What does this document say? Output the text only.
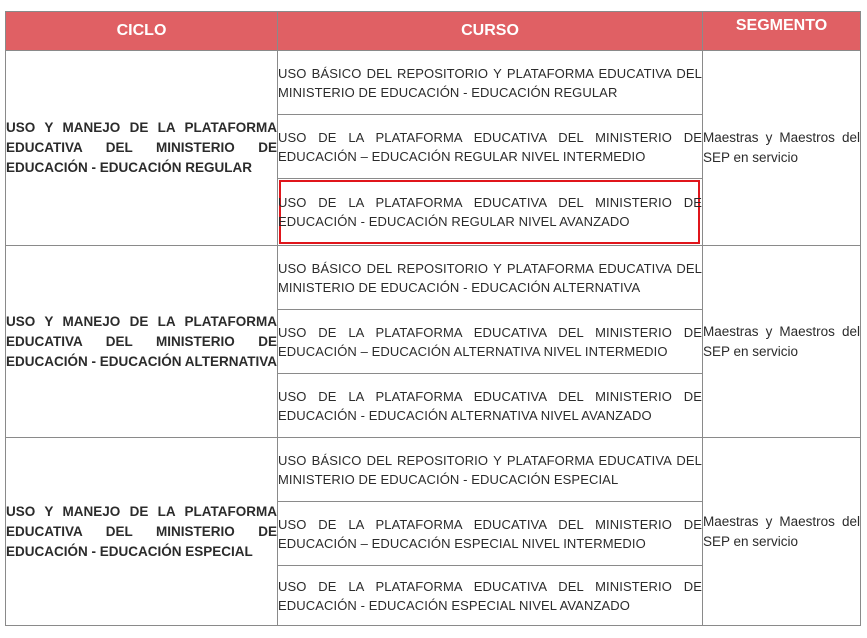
CICLO	CURSO	SEGMENTO
USO Y MANEJO DE LA PLATAFORMA EDUCATIVA DEL MINISTERIO DE EDUCACIÓN - EDUCACIÓN REGULAR	USO BÁSICO DEL REPOSITORIO Y PLATAFORMA EDUCATIVA DEL MINISTERIO DE EDUCACIÓN - EDUCACIÓN REGULAR	Maestras y Maestros del SEP en servicio
	USO DE LA PLATAFORMA EDUCATIVA DEL MINISTERIO DE EDUCACIÓN – EDUCACIÓN REGULAR NIVEL INTERMEDIO	

	USO DE LA PLATAFORMA EDUCATIVA DEL MINISTERIO DE EDUCACIÓN - EDUCACIÓN REGULAR NIVEL AVANZADO	

USO Y MANEJO DE LA PLATAFORMA EDUCATIVA DEL MINISTERIO DE EDUCACIÓN - EDUCACIÓN ALTERNATIVA	USO BÁSICO DEL REPOSITORIO Y PLATAFORMA EDUCATIVA DEL MINISTERIO DE EDUCACIÓN - EDUCACIÓN ALTERNATIVA	Maestras y Maestros del SEP en servicio
	USO DE LA PLATAFORMA EDUCATIVA DEL MINISTERIO DE EDUCACIÓN – EDUCACIÓN ALTERNATIVA NIVEL INTERMEDIO	
	USO DE LA PLATAFORMA EDUCATIVA DEL MINISTERIO DE EDUCACIÓN - EDUCACIÓN ALTERNATIVA NIVEL AVANZADO	
USO Y MANEJO DE LA PLATAFORMA EDUCATIVA DEL MINISTERIO DE EDUCACIÓN - EDUCACIÓN ESPECIAL	USO BÁSICO DEL REPOSITORIO Y PLATAFORMA EDUCATIVA DEL MINISTERIO DE EDUCACIÓN - EDUCACIÓN ESPECIAL	Maestras y Maestros del SEP en servicio
	USO DE LA PLATAFORMA EDUCATIVA DEL MINISTERIO DE EDUCACIÓN – EDUCACIÓN ESPECIAL NIVEL INTERMEDIO	
	USO DE LA PLATAFORMA EDUCATIVA DEL MINISTERIO DE EDUCACIÓN - EDUCACIÓN ESPECIAL NIVEL AVANZADO	
